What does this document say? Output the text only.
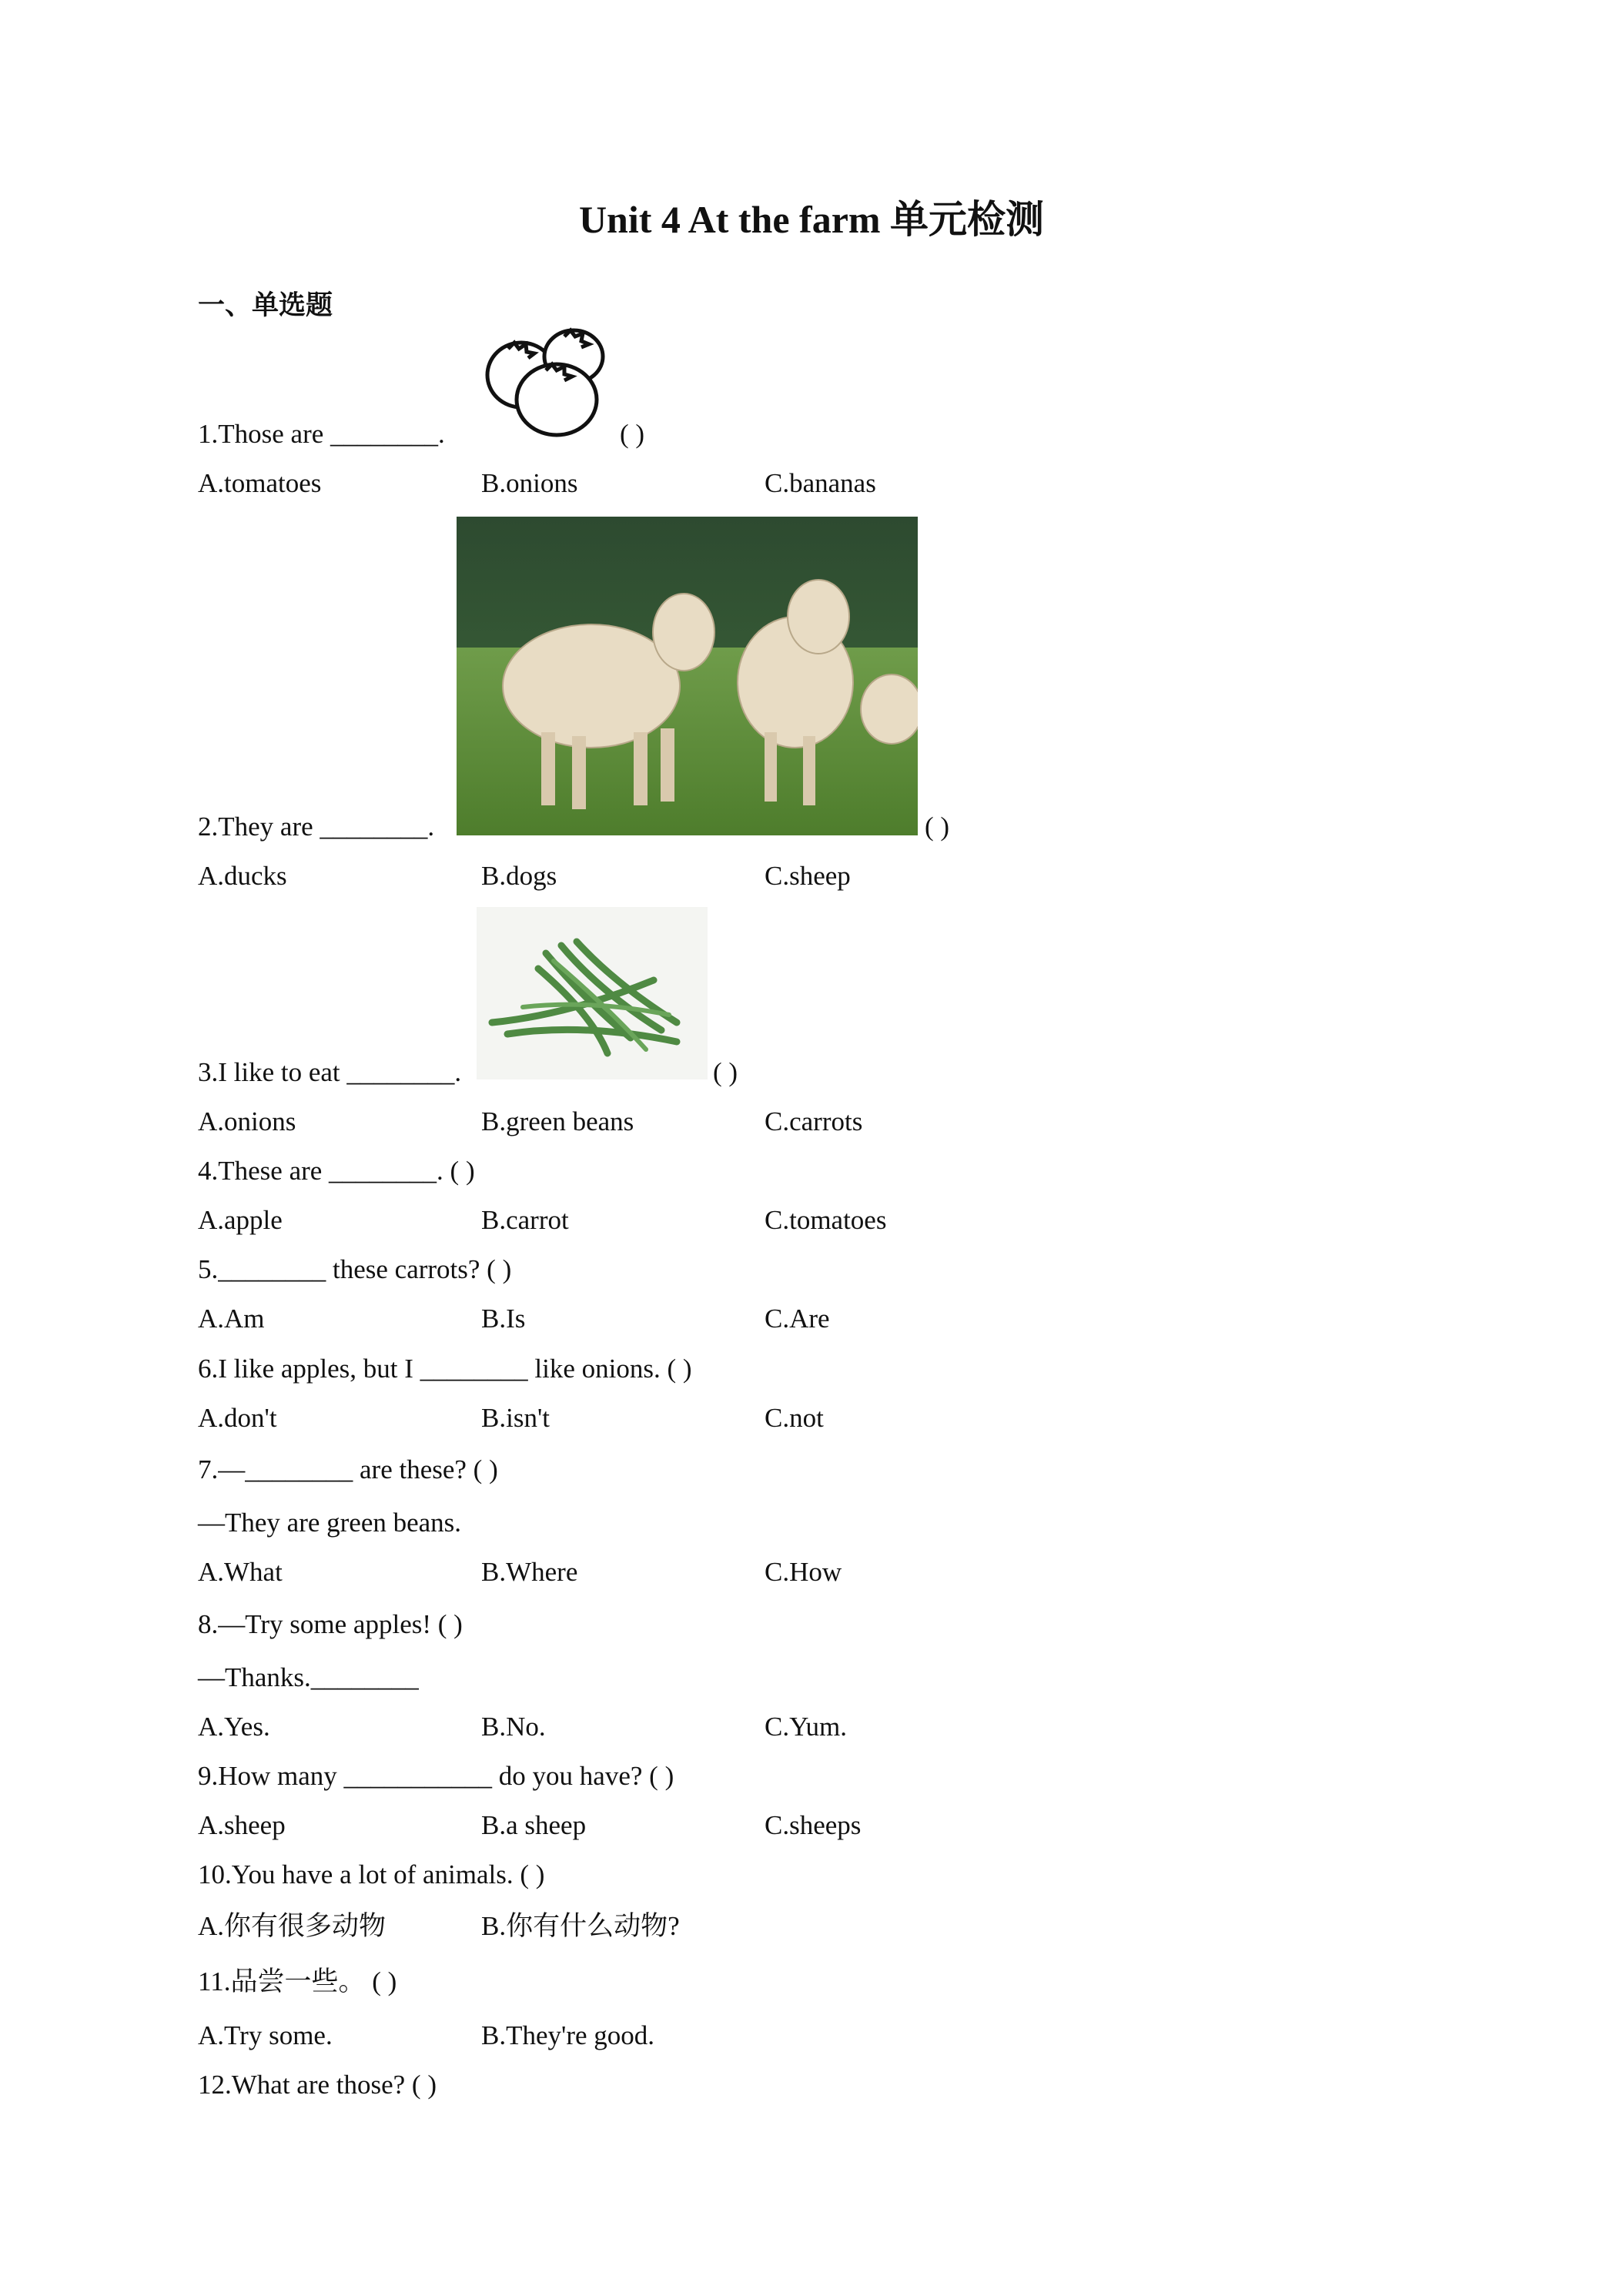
Unit 4 At the farm 单元检测
一、单选题
1.Those are ________.	( )
A.tomatoes	B.onions	C.bananas
2.They are ________.	( )
A.ducks	B.dogs	C.sheep
3.I like to eat ________.	( )
A.onions	B.green beans	C.carrots
4.These are ________. ( )
A.apple	B.carrot	C.tomatoes
5.________ these carrots? ( )
A.Am	B.Is	C.Are
6.I like apples, but I ________ like onions. ( )
A.don't	B.isn't	C.not
7.—________ are these? ( )
—They are green beans.
A.What	B.Where	C.How
8.—Try some apples! ( )
—Thanks.________
A.Yes.	B.No.	C.Yum.
9.How many ___________ do you have? ( )
A.sheep	B.a sheep	C.sheeps
10.You have a lot of animals. ( )
A.你有很多动物	B.你有什么动物?
11.品尝一些。 ( )
A.Try some.	B.They're good.
12.What are those? ( )
